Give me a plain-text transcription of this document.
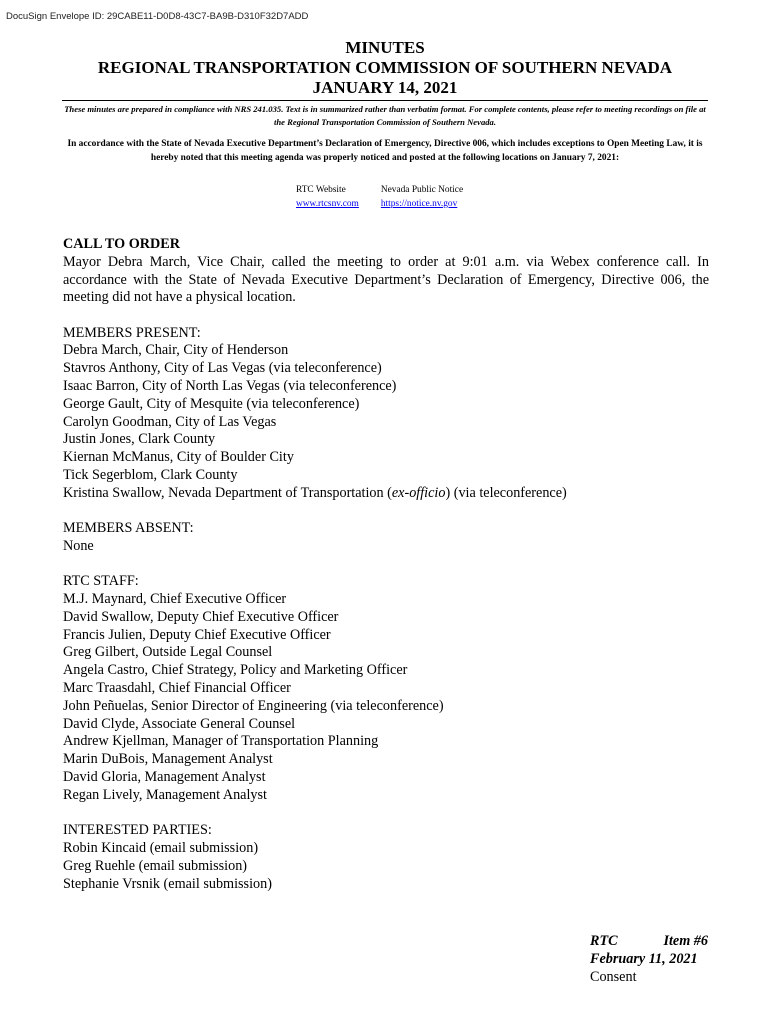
DocuSign Envelope ID: 29CABE11-D0D8-43C7-BA9B-D310F32D7ADD
MINUTES
REGIONAL TRANSPORTATION COMMISSION OF SOUTHERN NEVADA
JANUARY 14, 2021
These minutes are prepared in compliance with NRS 241.035. Text is in summarized rather than verbatim format. For complete contents, please refer to meeting recordings on file at the Regional Transportation Commission of Southern Nevada.
In accordance with the State of Nevada Executive Department’s Declaration of Emergency, Directive 006, which includes exceptions to Open Meeting Law, it is hereby noted that this meeting agenda was properly noticed and posted at the following locations on January 7, 2021:
RTC Website
www.rtcsnv.com
Nevada Public Notice
https://notice.nv.gov
CALL TO ORDER

Mayor Debra March, Vice Chair, called the meeting to order at 9:01 a.m. via Webex conference call. In accordance with the State of Nevada Executive Department’s Declaration of Emergency, Directive 006, the meeting did not have a physical location.

MEMBERS PRESENT:
Debra March, Chair, City of Henderson
Stavros Anthony, City of Las Vegas (via teleconference)
Isaac Barron, City of North Las Vegas (via teleconference)
George Gault, City of Mesquite (via teleconference)
Carolyn Goodman, City of Las Vegas
Justin Jones, Clark County
Kiernan McManus, City of Boulder City
Tick Segerblom, Clark County
Kristina Swallow, Nevada Department of Transportation (ex-officio) (via teleconference)
MEMBERS ABSENT:
None
RTC STAFF:
M.J. Maynard, Chief Executive Officer
David Swallow, Deputy Chief Executive Officer
Francis Julien, Deputy Chief Executive Officer
Greg Gilbert, Outside Legal Counsel
Angela Castro, Chief Strategy, Policy and Marketing Officer
Marc Traasdahl, Chief Financial Officer
John Peñuelas, Senior Director of Engineering (via teleconference)
David Clyde, Associate General Counsel
Andrew Kjellman, Manager of Transportation Planning
Marin DuBois, Management Analyst
David Gloria, Management Analyst
Regan Lively, Management Analyst
INTERESTED PARTIES:
Robin Kincaid (email submission)
Greg Ruehle (email submission)
Stephanie Vrsnik (email submission)
RTC	Item #6
February 11, 2021
Consent
